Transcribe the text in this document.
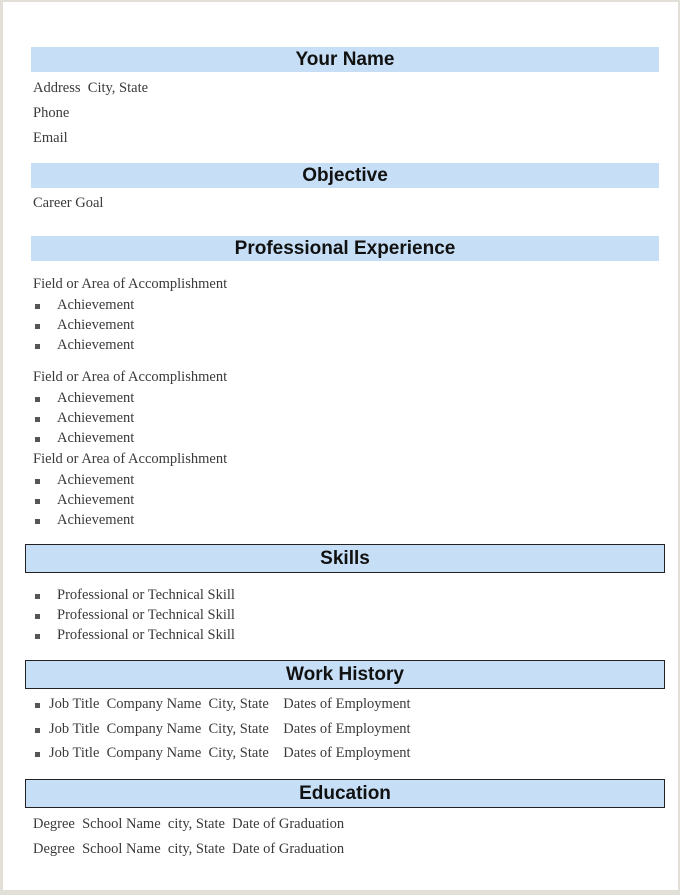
Your Name
Address  City, State
Phone
Email
Objective
Career Goal
Professional Experience
Skills
Work History
Education
Degree  School Name  city, State  Date of Graduation
Degree  School Name  city, State  Date of Graduation
Field or Area of Accomplishment
Achievement
Achievement
Achievement
Field or Area of Accomplishment
Achievement
Achievement
Achievement
Field or Area of Accomplishment
Achievement
Achievement
Achievement
Professional or Technical Skill
Professional or Technical Skill
Professional or Technical Skill
Job Title  Company Name  City, State    Dates of Employment
Job Title  Company Name  City, State    Dates of Employment
Job Title  Company Name  City, State    Dates of Employment
